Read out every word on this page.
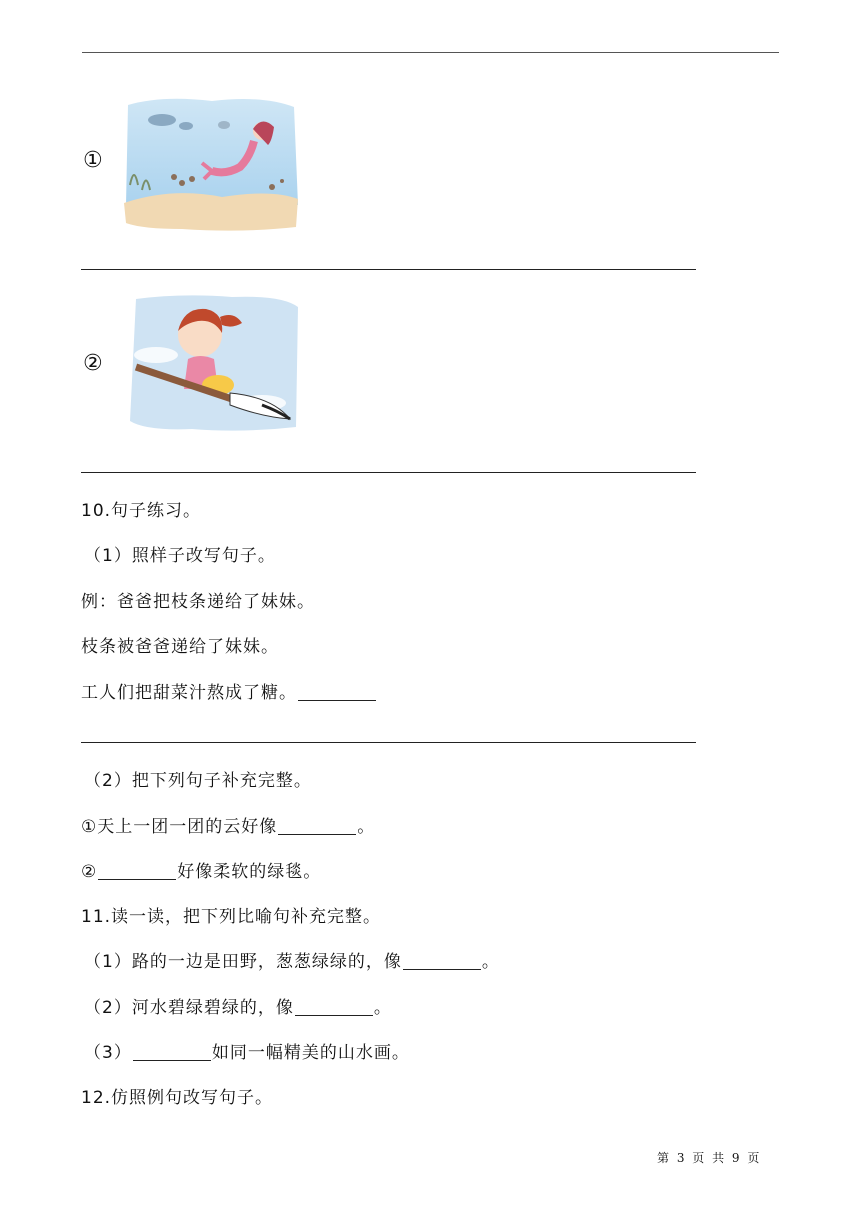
①
②
10.句子练习。
（1）照样子改写句子。
例：爸爸把枝条递给了妹妹。
枝条被爸爸递给了妹妹。
工人们把甜菜汁熬成了糖。
（2）把下列句子补充完整。
①天上一团一团的云好像	。
②	好像柔软的绿毯。
11.读一读，把下列比喻句补充完整。
（1）路的一边是田野，葱葱绿绿的，像	。
（2）河水碧绿碧绿的，像	。
（3）	如同一幅精美的山水画。
12.仿照例句改写句子。
第 3 页 共 9 页
